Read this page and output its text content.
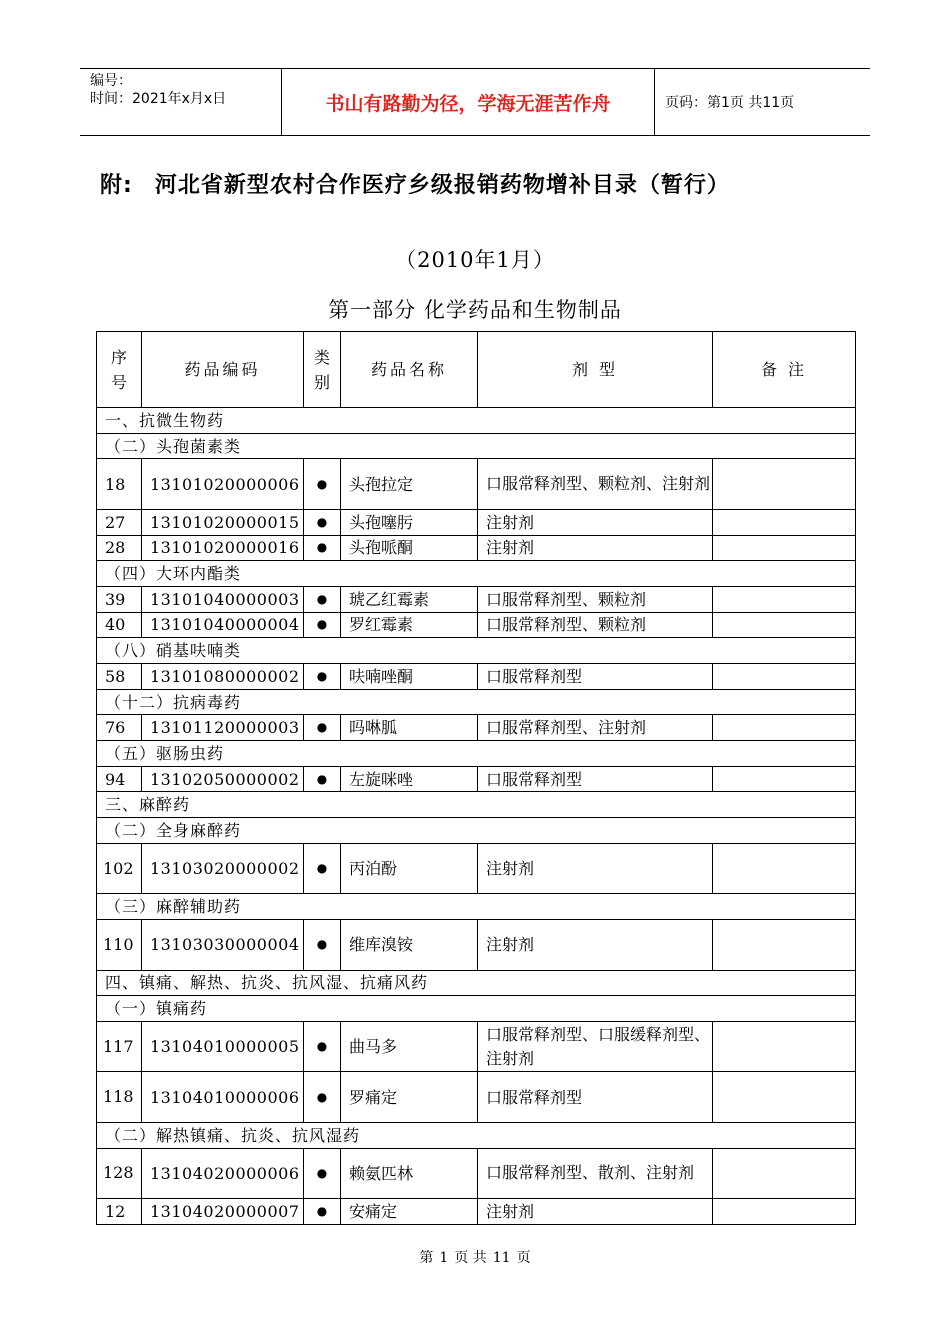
编号：
时间：2021年x月x日	书山有路勤为径，学海无涯苦作舟	页码：第1页 共11页
附: 河北省新型农村合作医疗乡级报销药物增补目录（暂行）
（2010年1月）
第一部分 化学药品和生物制品
序号	药品编码	类别	药品名称	剂 型	备 注
一、抗微生物药					
（二）头孢菌素类					
18	13101020000006	●	头孢拉定	口服常释剂型、颗粒剂、注射剂	
27	13101020000015	●	头孢噻肟	注射剂	
28	13101020000016	●	头孢哌酮	注射剂	
（四）大环内酯类					
39	13101040000003	●	琥乙红霉素	口服常释剂型、颗粒剂	
40	13101040000004	●	罗红霉素	口服常释剂型、颗粒剂	
（八）硝基呋喃类					
58	13101080000002	●	呋喃唑酮	口服常释剂型	
（十二）抗病毒药					
76	13101120000003	●	吗啉胍	口服常释剂型、注射剂	
（五）驱肠虫药					
94	13102050000002	●	左旋咪唑	口服常释剂型	
三、麻醉药					
（二）全身麻醉药					
102	13103020000002	●	丙泊酚	注射剂	
（三）麻醉辅助药					
110	13103030000004	●	维库溴铵	注射剂	
四、镇痛、解热、抗炎、抗风湿、抗痛风药					
（一）镇痛药					
117	13104010000005	●	曲马多	口服常释剂型、口服缓释剂型、注射剂	
118	13104010000006	●	罗痛定	口服常释剂型	
（二）解热镇痛、抗炎、抗风湿药					
128	13104020000006	●	赖氨匹林	口服常释剂型、散剂、注射剂	
12	13104020000007	●	安痛定	注射剂	
第 1 页 共 11 页
